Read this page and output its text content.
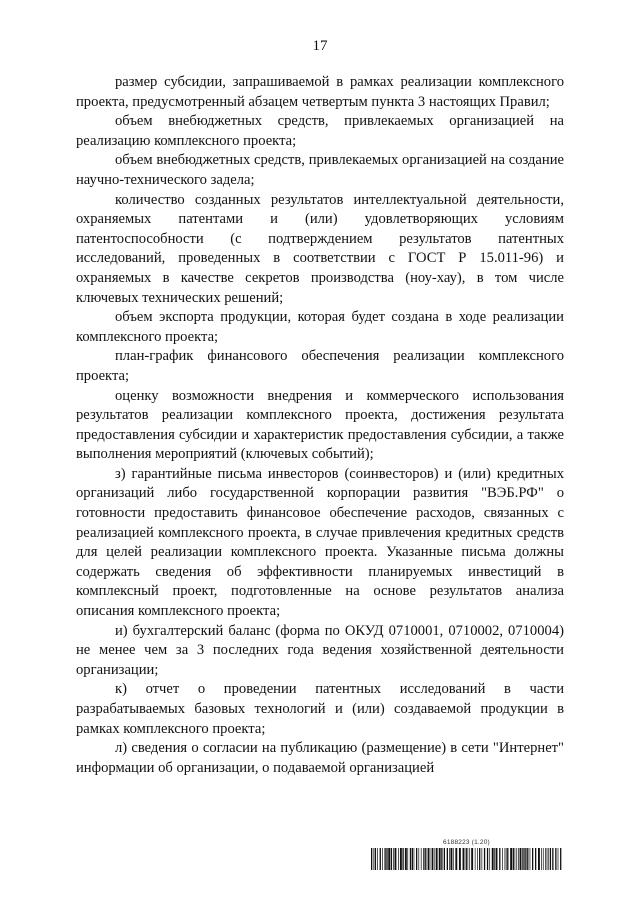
17

размер субсидии, запрашиваемой в рамках реализации комплексного проекта, предусмотренный абзацем четвертым пункта 3 настоящих Правил;

объем внебюджетных средств, привлекаемых организацией на реализацию комплексного проекта;

объем внебюджетных средств, привлекаемых организацией на создание научно-технического задела;

количество созданных результатов интеллектуальной деятельности, охраняемых патентами и (или) удовлетворяющих условиям патентоспособности (с подтверждением результатов патентных исследований, проведенных в соответствии с ГОСТ Р 15.011-96) и охраняемых в качестве секретов производства (ноу-хау), в том числе ключевых технических решений;

объем экспорта продукции, которая будет создана в ходе реализации комплексного проекта;

план-график финансового обеспечения реализации комплексного проекта;

оценку возможности внедрения и коммерческого использования результатов реализации комплексного проекта, достижения результата предоставления субсидии и характеристик предоставления субсидии, а также выполнения мероприятий (ключевых событий);

з) гарантийные письма инвесторов (соинвесторов) и (или) кредитных организаций либо государственной корпорации развития "ВЭБ.РФ" о готовности предоставить финансовое обеспечение расходов, связанных с реализацией комплексного проекта, в случае привлечения кредитных средств для целей реализации комплексного проекта. Указанные письма должны содержать сведения об эффективности планируемых инвестиций в комплексный проект, подготовленные на основе результатов анализа описания комплексного проекта;

и) бухгалтерский баланс (форма по ОКУД 0710001, 0710002, 0710004) не менее чем за 3 последних года ведения хозяйственной деятельности организации;

к) отчет о проведении патентных исследований в части разрабатываемых базовых технологий и (или) создаваемой продукции в рамках комплексного проекта;

л) сведения о согласии на публикацию (размещение) в сети "Интернет" информации об организации, о подаваемой организацией

6188223 (1.20)
